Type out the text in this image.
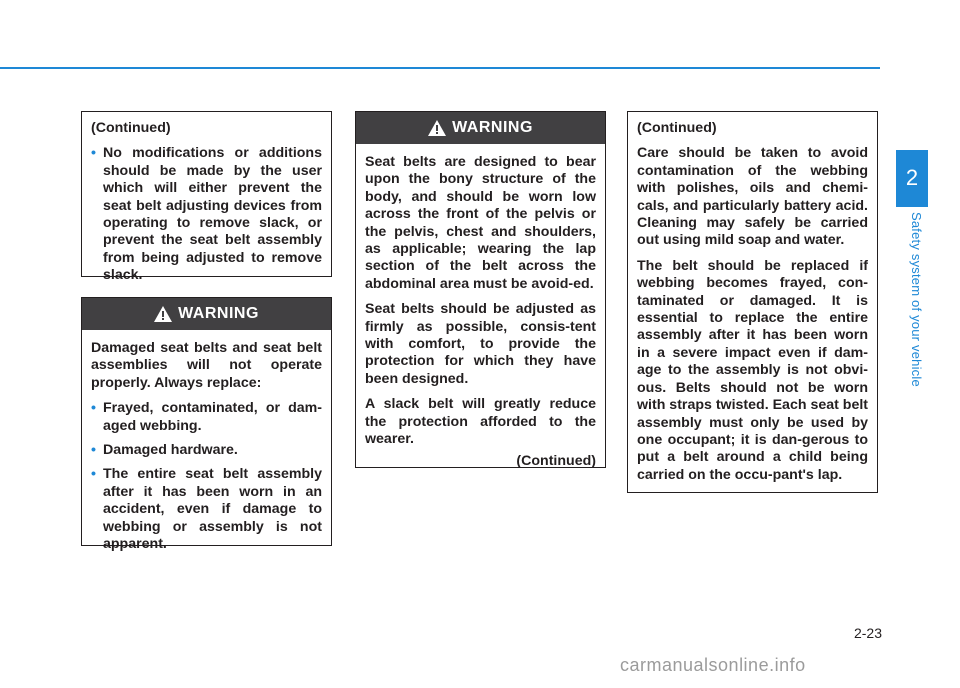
2
Safety system of your vehicle
(Continued)
• No modifications or additions should be made by the user which will either prevent the seat belt adjusting devices from operating to remove slack, or prevent the seat belt assembly from being adjusted to remove slack.
WARNING
Damaged seat belts and seat belt assemblies will not operate properly. Always replace:
• Frayed, contaminated, or dam-aged webbing.
• Damaged hardware.
• The entire seat belt assembly after it has been worn in an accident, even if damage to webbing or assembly is not apparent.
WARNING
Seat belts are designed to bear upon the bony structure of the body, and should be worn low across the front of the pelvis or the pelvis, chest and shoulders, as applicable; wearing the lap section of the belt across the abdominal area must be avoid-ed.
Seat belts should be adjusted as firmly as possible, consis-tent with comfort, to provide the protection for which they have been designed.
A slack belt will greatly reduce the protection afforded to the wearer.
(Continued)
(Continued)
Care should be taken to avoid contamination of the webbing with polishes, oils and chemi-cals, and particularly battery acid. Cleaning may safely be carried out using mild soap and water.
The belt should be replaced if webbing becomes frayed, con-taminated or damaged. It is essential to replace the entire assembly after it has been worn in a severe impact even if dam-age to the assembly is not obvi-ous. Belts should not be worn with straps twisted. Each seat belt assembly must only be used by one occupant; it is dan-gerous to put a belt around a child being carried on the occu-pant's lap.
2-23
carmanualsonline.info
